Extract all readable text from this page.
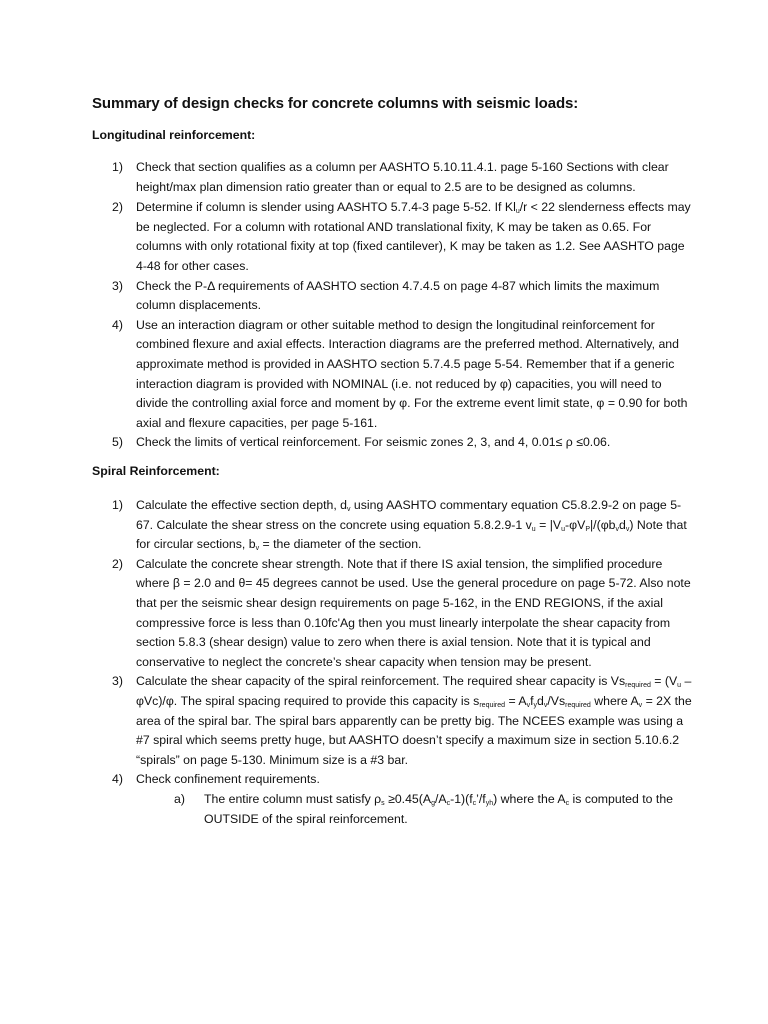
Summary of design checks for concrete columns with seismic loads:
Longitudinal reinforcement:
1) Check that section qualifies as a column per AASHTO 5.10.11.4.1. page 5-160 Sections with clear height/max plan dimension ratio greater than or equal to 2.5 are to be designed as columns.
2) Determine if column is slender using AASHTO 5.7.4-3 page 5-52. If $Kl_u/r < 22$ slenderness effects may be neglected. For a column with rotational AND translational fixity, K may be taken as 0.65. For columns with only rotational fixity at top (fixed cantilever), K may be taken as 1.2. See AASHTO page 4-48 for other cases.
3) Check the P-Δ requirements of AASHTO section 4.7.4.5 on page 4-87 which limits the maximum column displacements.
4) Use an interaction diagram or other suitable method to design the longitudinal reinforcement for combined flexure and axial effects. Interaction diagrams are the preferred method. Alternatively, and approximate method is provided in AASHTO section 5.7.4.5 page 5-54. Remember that if a generic interaction diagram is provided with NOMINAL (i.e. not reduced by φ) capacities, you will need to divide the controlling axial force and moment by φ. For the extreme event limit state, φ = 0.90 for both axial and flexure capacities, per page 5-161.
5) Check the limits of vertical reinforcement. For seismic zones 2, 3, and 4, 0.01≤ ρ ≤0.06.
Spiral Reinforcement:
1) Calculate the effective section depth, $d_v$ using AASHTO commentary equation C5.8.2.9-2 on page 5-67. Calculate the shear stress on the concrete using equation 5.8.2.9-1 $v_u = |V_u-\varphi V_P|/(\varphi b_vd_v)$ Note that for circular sections, $b_v$ = the diameter of the section.
2) Calculate the concrete shear strength. Note that if there IS axial tension, the simplified procedure where β = 2.0 and θ= 45 degrees cannot be used. Use the general procedure on page 5-72. Also note that per the seismic shear design requirements on page 5-162, in the END REGIONS, if the axial compressive force is less than 0.10fc'Ag then you must linearly interpolate the shear capacity from section 5.8.3 (shear design) value to zero when there is axial tension. Note that it is typical and conservative to neglect the concrete’s shear capacity when tension may be present.
3) Calculate the shear capacity of the spiral reinforcement. The required shear capacity is $Vs_{required} = (V_u - \varphi Vc)/\varphi$. The spiral spacing required to provide this capacity is $s_{required} = A_vf_yd_v/Vs_{required}$ where $A_v = 2X$ the area of the spiral bar. The spiral bars apparently can be pretty big. The NCEES example was using a #7 spiral which seems pretty huge, but AASHTO doesn’t specify a maximum size in section 5.10.6.2 “spirals” on page 5-130. Minimum size is a #3 bar.
4) Check confinement requirements.
a) The entire column must satisfy $\rho_s$ $\ge 0.45(A_g/A_c-1)(f_c’/f_{yh})$ where the $A_c$ is computed to the OUTSIDE of the spiral reinforcement.
